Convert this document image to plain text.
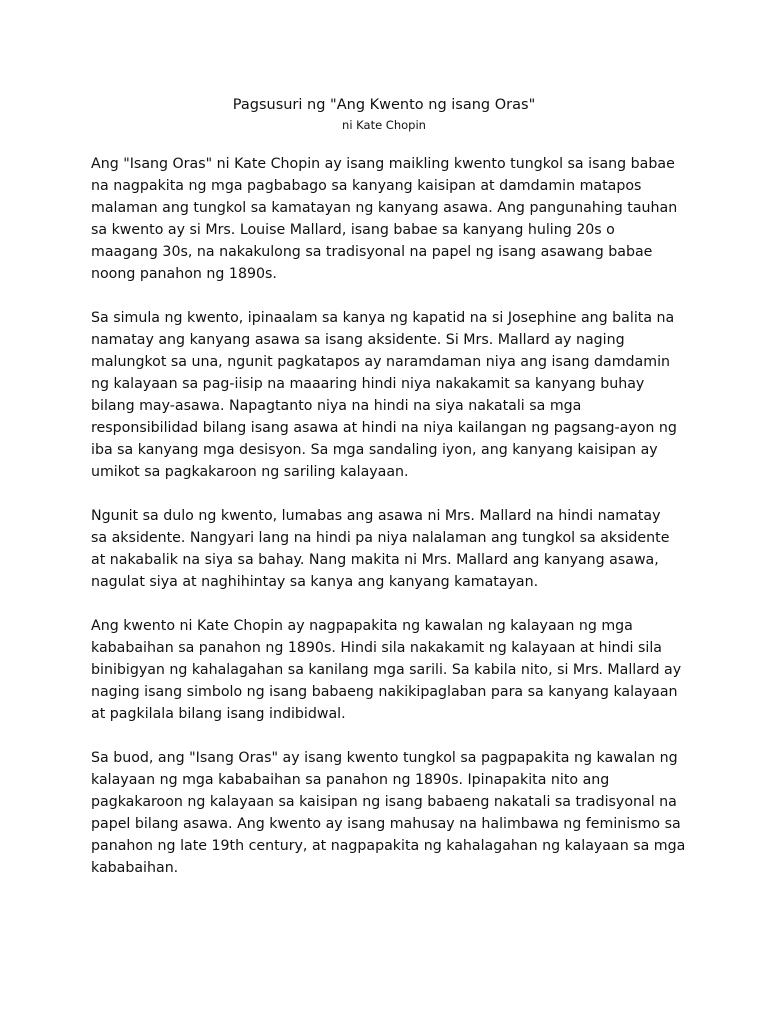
Pagsusuri ng "Ang Kwento ng isang Oras"
ni Kate Chopin

Ang "Isang Oras" ni Kate Chopin ay isang maikling kwento tungkol sa isang babae
na nagpakita ng mga pagbabago sa kanyang kaisipan at damdamin matapos
malaman ang tungkol sa kamatayan ng kanyang asawa. Ang pangunahing tauhan
sa kwento ay si Mrs. Louise Mallard, isang babae sa kanyang huling 20s o
maagang 30s, na nakakulong sa tradisyonal na papel ng isang asawang babae
noong panahon ng 1890s.

Sa simula ng kwento, ipinaalam sa kanya ng kapatid na si Josephine ang balita na
namatay ang kanyang asawa sa isang aksidente. Si Mrs. Mallard ay naging
malungkot sa una, ngunit pagkatapos ay naramdaman niya ang isang damdamin
ng kalayaan sa pag-iisip na maaaring hindi niya nakakamit sa kanyang buhay
bilang may-asawa. Napagtanto niya na hindi na siya nakatali sa mga
responsibilidad bilang isang asawa at hindi na niya kailangan ng pagsang-ayon ng
iba sa kanyang mga desisyon. Sa mga sandaling iyon, ang kanyang kaisipan ay
umikot sa pagkakaroon ng sariling kalayaan.

Ngunit sa dulo ng kwento, lumabas ang asawa ni Mrs. Mallard na hindi namatay
sa aksidente. Nangyari lang na hindi pa niya nalalaman ang tungkol sa aksidente
at nakabalik na siya sa bahay. Nang makita ni Mrs. Mallard ang kanyang asawa,
nagulat siya at naghihintay sa kanya ang kanyang kamatayan.

Ang kwento ni Kate Chopin ay nagpapakita ng kawalan ng kalayaan ng mga
kababaihan sa panahon ng 1890s. Hindi sila nakakamit ng kalayaan at hindi sila
binibigyan ng kahalagahan sa kanilang mga sarili. Sa kabila nito, si Mrs. Mallard ay
naging isang simbolo ng isang babaeng nakikipaglaban para sa kanyang kalayaan
at pagkilala bilang isang indibidwal.

Sa buod, ang "Isang Oras" ay isang kwento tungkol sa pagpapakita ng kawalan ng
kalayaan ng mga kababaihan sa panahon ng 1890s. Ipinapakita nito ang
pagkakaroon ng kalayaan sa kaisipan ng isang babaeng nakatali sa tradisyonal na
papel bilang asawa. Ang kwento ay isang mahusay na halimbawa ng feminismo sa
panahon ng late 19th century, at nagpapakita ng kahalagahan ng kalayaan sa mga
kababaihan.
